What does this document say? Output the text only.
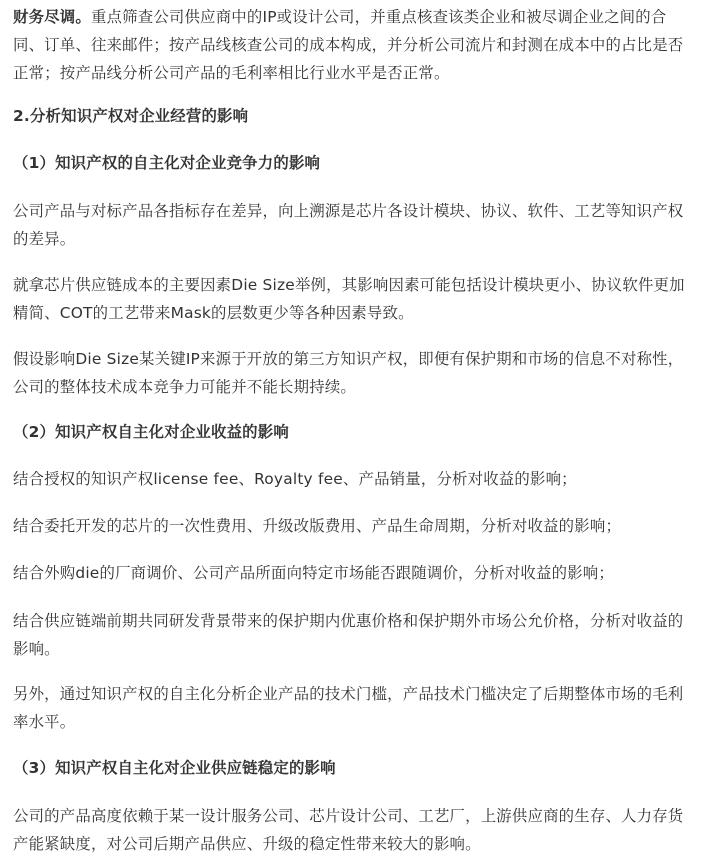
财务尽调。重点筛查公司供应商中的IP或设计公司，并重点核查该类企业和被尽调企业之间的合同、订单、往来邮件；按产品线核查公司的成本构成，并分析公司流片和封测在成本中的占比是否正常；按产品线分析公司产品的毛利率相比行业水平是否正常。

2.分析知识产权对企业经营的影响

（1）知识产权的自主化对企业竞争力的影响

公司产品与对标产品各指标存在差异，向上溯源是芯片各设计模块、协议、软件、工艺等知识产权的差异。

就拿芯片供应链成本的主要因素Die Size举例，其影响因素可能包括设计模块更小、协议软件更加精简、COT的工艺带来Mask的层数更少等各种因素导致。

假设影响Die Size某关键IP来源于开放的第三方知识产权，即便有保护期和市场的信息不对称性，公司的整体技术成本竞争力可能并不能长期持续。

（2）知识产权自主化对企业收益的影响

结合授权的知识产权license fee、Royalty fee、产品销量，分析对收益的影响；

结合委托开发的芯片的一次性费用、升级改版费用、产品生命周期，分析对收益的影响；

结合外购die的厂商调价、公司产品所面向特定市场能否跟随调价，分析对收益的影响；

结合供应链端前期共同研发背景带来的保护期内优惠价格和保护期外市场公允价格，分析对收益的影响。

另外，通过知识产权的自主化分析企业产品的技术门槛，产品技术门槛决定了后期整体市场的毛利率水平。

（3）知识产权自主化对企业供应链稳定的影响

公司的产品高度依赖于某一设计服务公司、芯片设计公司、工艺厂，上游供应商的生存、人力存货产能紧缺度，对公司后期产品供应、升级的稳定性带来较大的影响。
